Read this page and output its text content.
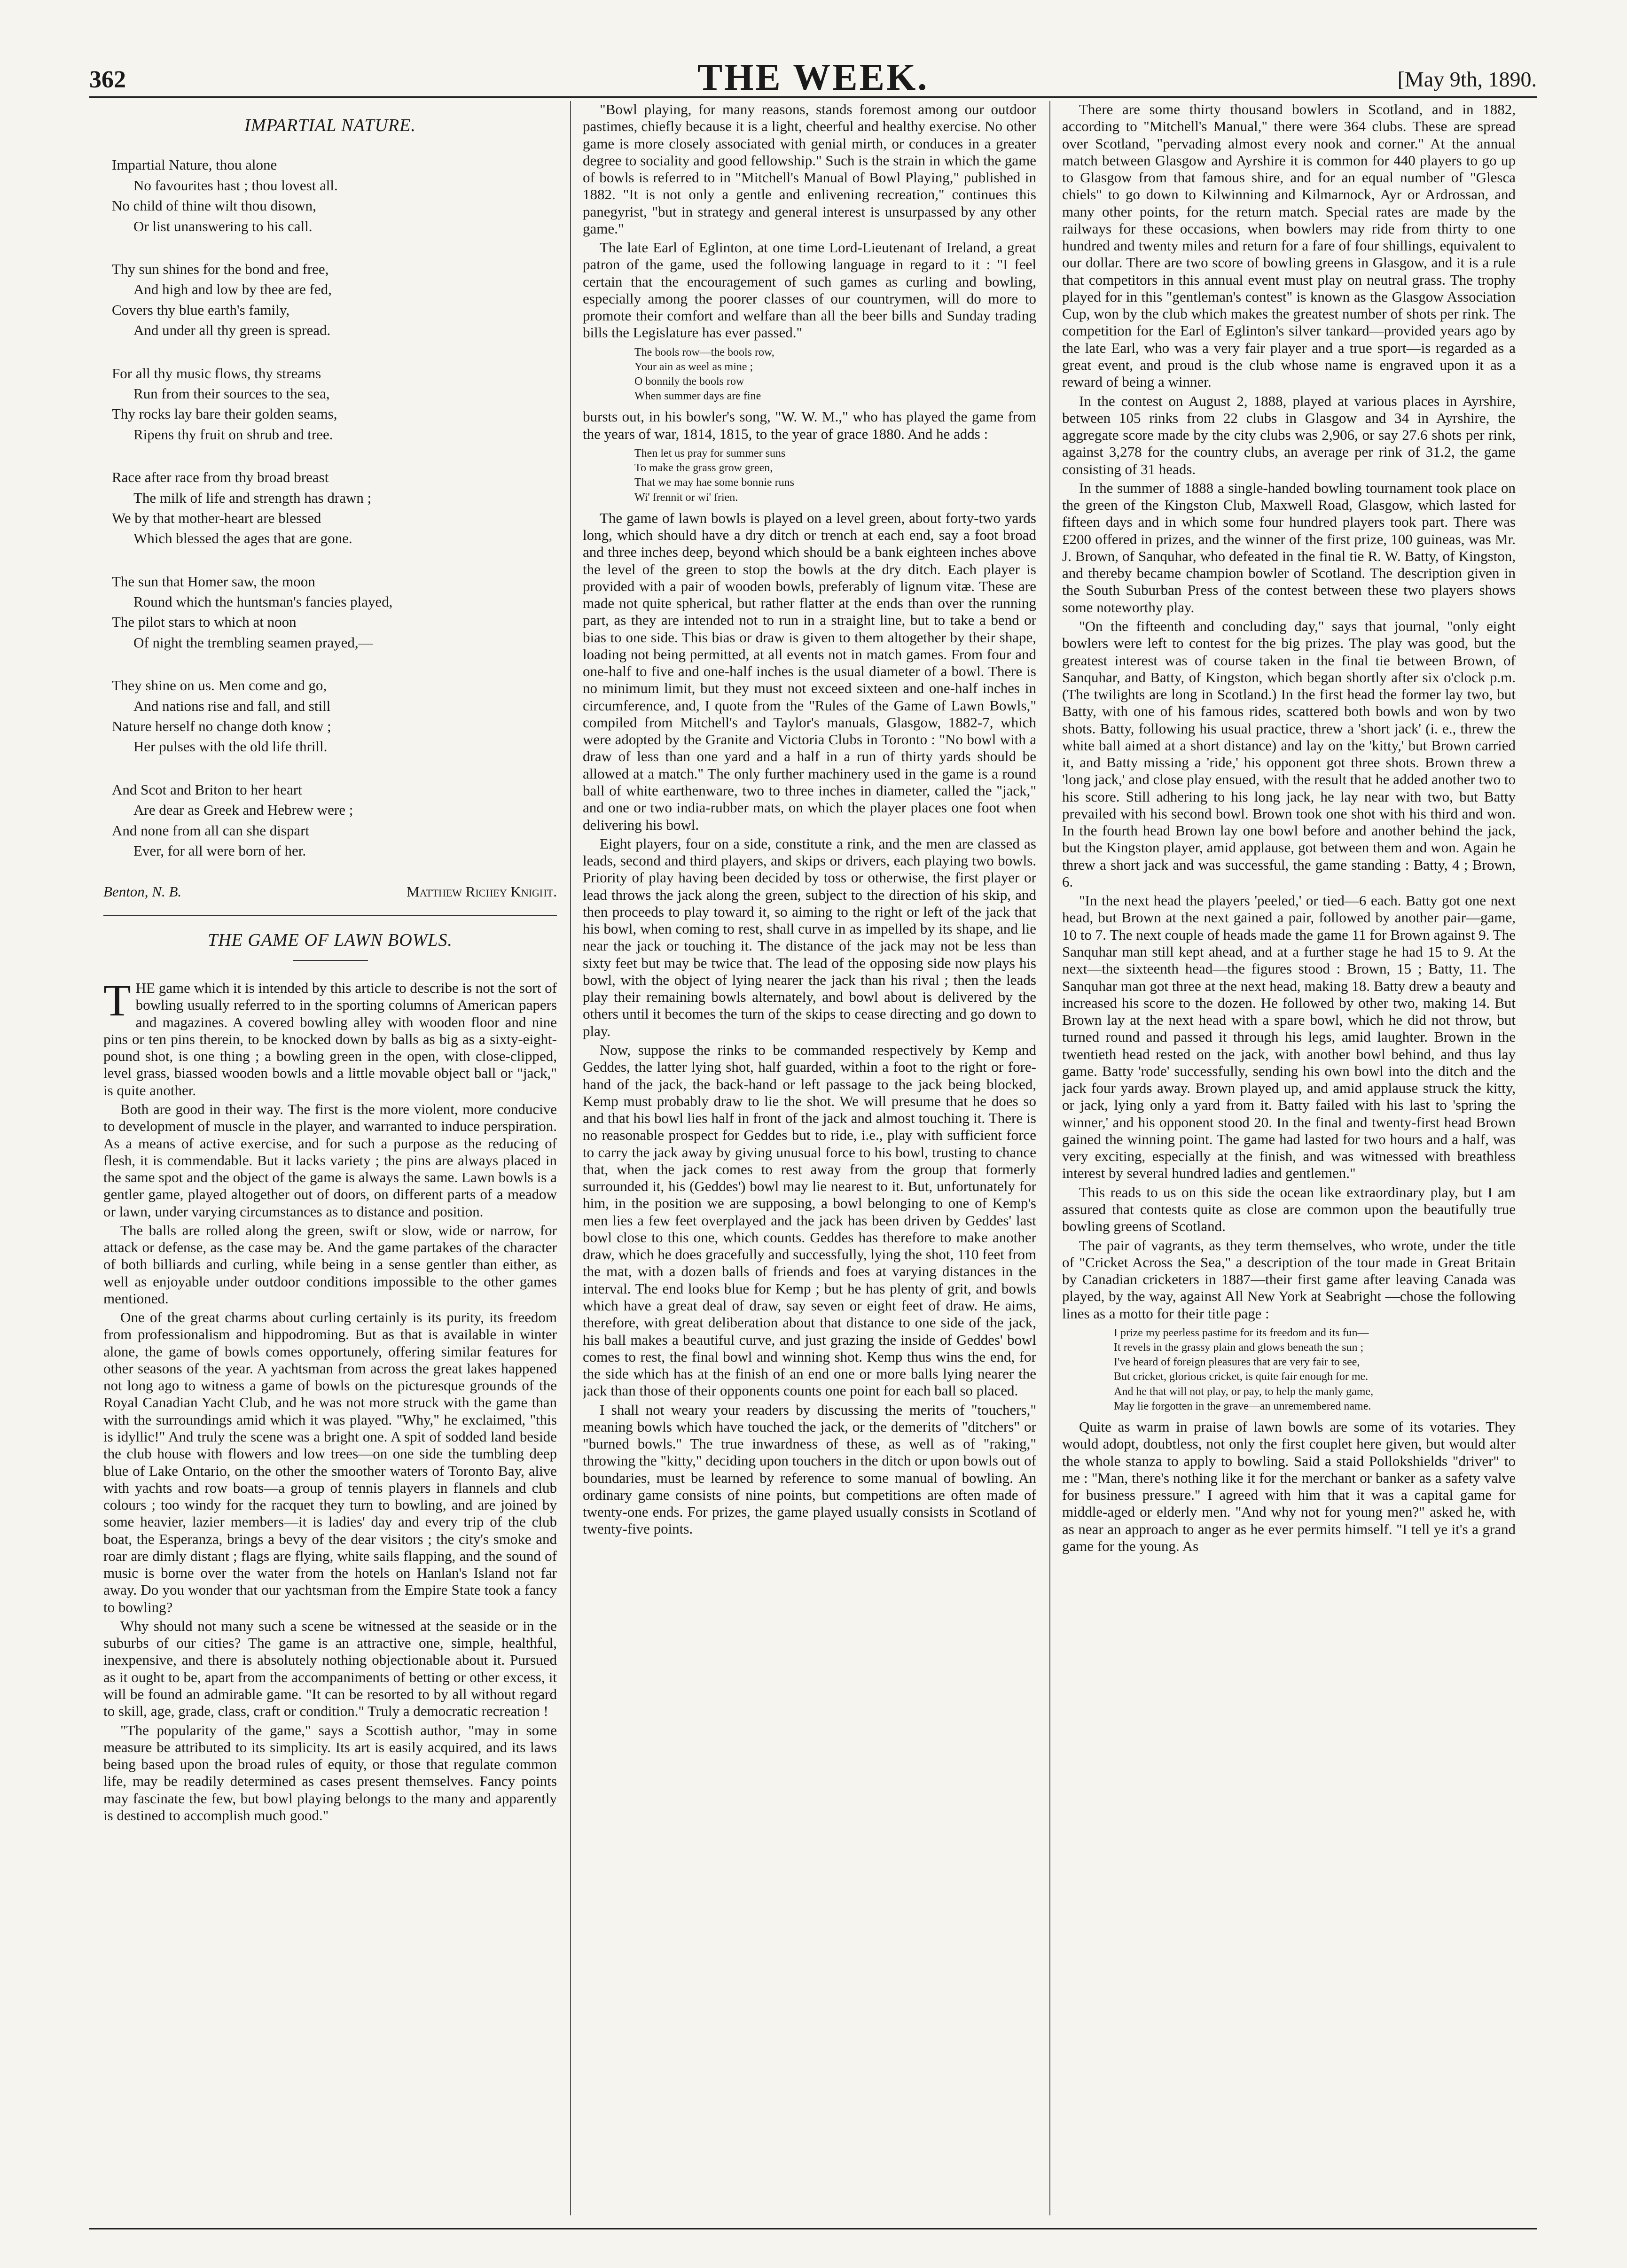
362	THE WEEK.	[May 9th, 1890.
IMPARTIAL NATURE.

Impartial Nature, thou alone
No favourites hast ; thou lovest all.
No child of thine wilt thou disown,
Or list unanswering to his call.

Thy sun shines for the bond and free,
And high and low by thee are fed,
Covers thy blue earth's family,
And under all thy green is spread.

For all thy music flows, thy streams
Run from their sources to the sea,
Thy rocks lay bare their golden seams,
Ripens thy fruit on shrub and tree.

Race after race from thy broad breast
The milk of life and strength has drawn ;
We by that mother-heart are blessed
Which blessed the ages that are gone.

The sun that Homer saw, the moon
Round which the huntsman's fancies played,
The pilot stars to which at noon
Of night the trembling seamen prayed,—

They shine on us. Men come and go,
And nations rise and fall, and still
Nature herself no change doth know ;
Her pulses with the old life thrill.

And Scot and Briton to her heart
Are dear as Greek and Hebrew were ;
And none from all can she dispart
Ever, for all were born of her.

Benton, N. B.	Matthew Richey Knight.
THE GAME OF LAWN BOWLS.

THE game which it is intended by this article to describe is not the sort of bowling usually referred to in the sporting columns of American papers and magazines. A covered bowling alley with wooden floor and nine pins or ten pins therein, to be knocked down by balls as big as a sixty-eight-pound shot, is one thing ; a bowling green in the open, with close-clipped, level grass, biassed wooden bowls and a little movable object ball or "jack," is quite another.

Both are good in their way. The first is the more violent, more conducive to development of muscle in the player, and warranted to induce perspiration. As a means of active exercise, and for such a purpose as the reducing of flesh, it is commendable. But it lacks variety ; the pins are always placed in the same spot and the object of the game is always the same. Lawn bowls is a gentler game, played altogether out of doors, on different parts of a meadow or lawn, under varying circumstances as to distance and position.

The balls are rolled along the green, swift or slow, wide or narrow, for attack or defense, as the case may be. And the game partakes of the character of both billiards and curling, while being in a sense gentler than either, as well as enjoyable under outdoor conditions impossible to the other games mentioned.

One of the great charms about curling certainly is its purity, its freedom from professionalism and hippodroming. But as that is available in winter alone, the game of bowls comes opportunely, offering similar features for other seasons of the year. A yachtsman from across the great lakes happened not long ago to witness a game of bowls on the picturesque grounds of the Royal Canadian Yacht Club, and he was not more struck with the game than with the surroundings amid which it was played. "Why," he exclaimed, "this is idyllic!" And truly the scene was a bright one. A spit of sodded land beside the club house with flowers and low trees—on one side the tumbling deep blue of Lake Ontario, on the other the smoother waters of Toronto Bay, alive with yachts and row boats—a group of tennis players in flannels and club colours ; too windy for the racquet they turn to bowling, and are joined by some heavier, lazier members—it is ladies' day and every trip of the club boat, the Esperanza, brings a bevy of the dear visitors ; the city's smoke and roar are dimly distant ; flags are flying, white sails flapping, and the sound of music is borne over the water from the hotels on Hanlan's Island not far away. Do you wonder that our yachtsman from the Empire State took a fancy to bowling?

Why should not many such a scene be witnessed at the seaside or in the suburbs of our cities? The game is an attractive one, simple, healthful, inexpensive, and there is absolutely nothing objectionable about it. Pursued as it ought to be, apart from the accompaniments of betting or other excess, it will be found an admirable game. "It can be resorted to by all without regard to skill, age, grade, class, craft or condition." Truly a democratic recreation !

"The popularity of the game," says a Scottish author, "may in some measure be attributed to its simplicity. Its art is easily acquired, and its laws being based upon the broad rules of equity, or those that regulate common life, may be readily determined as cases present themselves. Fancy points may fascinate the few, but bowl playing belongs to the many and apparently is destined to accomplish much good."

"Bowl playing, for many reasons, stands foremost among our outdoor pastimes, chiefly because it is a light, cheerful and healthy exercise. No other game is more closely associated with genial mirth, or conduces in a greater degree to sociality and good fellowship." Such is the strain in which the game of bowls is referred to in "Mitchell's Manual of Bowl Playing," published in 1882. "It is not only a gentle and enlivening recreation," continues this panegyrist, "but in strategy and general interest is unsurpassed by any other game."

The late Earl of Eglinton, at one time Lord-Lieutenant of Ireland, a great patron of the game, used the following language in regard to it : "I feel certain that the encouragement of such games as curling and bowling, especially among the poorer classes of our countrymen, will do more to promote their comfort and welfare than all the beer bills and Sunday trading bills the Legislature has ever passed."

The bools row—the bools row,
Your ain as weel as mine ;
O bonnily the bools row
When summer days are fine

bursts out, in his bowler's song, "W. W. M.," who has played the game from the years of war, 1814, 1815, to the year of grace 1880. And he adds :

Then let us pray for summer suns
To make the grass grow green,
That we may hae some bonnie runs
Wi' frennit or wi' frien.

The game of lawn bowls is played on a level green, about forty-two yards long, which should have a dry ditch or trench at each end, say a foot broad and three inches deep, beyond which should be a bank eighteen inches above the level of the green to stop the bowls at the dry ditch. Each player is provided with a pair of wooden bowls, preferably of lignum vitæ. These are made not quite spherical, but rather flatter at the ends than over the running part, as they are intended not to run in a straight line, but to take a bend or bias to one side. This bias or draw is given to them altogether by their shape, loading not being permitted, at all events not in match games. From four and one-half to five and one-half inches is the usual diameter of a bowl. There is no minimum limit, but they must not exceed sixteen and one-half inches in circumference, and, I quote from the "Rules of the Game of Lawn Bowls," compiled from Mitchell's and Taylor's manuals, Glasgow, 1882-7, which were adopted by the Granite and Victoria Clubs in Toronto : "No bowl with a draw of less than one yard and a half in a run of thirty yards should be allowed at a match." The only further machinery used in the game is a round ball of white earthenware, two to three inches in diameter, called the "jack," and one or two india-rubber mats, on which the player places one foot when delivering his bowl.

Eight players, four on a side, constitute a rink, and the men are classed as leads, second and third players, and skips or drivers, each playing two bowls. Priority of play having been decided by toss or otherwise, the first player or lead throws the jack along the green, subject to the direction of his skip, and then proceeds to play toward it, so aiming to the right or left of the jack that his bowl, when coming to rest, shall curve in as impelled by its shape, and lie near the jack or touching it. The distance of the jack may not be less than sixty feet but may be twice that. The lead of the opposing side now plays his bowl, with the object of lying nearer the jack than his rival ; then the leads play their remaining bowls alternately, and bowl about is delivered by the others until it becomes the turn of the skips to cease directing and go down to play.

Now, suppose the rinks to be commanded respectively by Kemp and Geddes, the latter lying shot, half guarded, within a foot to the right or fore-hand of the jack, the back-hand or left passage to the jack being blocked, Kemp must probably draw to lie the shot. We will presume that he does so and that his bowl lies half in front of the jack and almost touching it. There is no reasonable prospect for Geddes but to ride, i.e., play with sufficient force to carry the jack away by giving unusual force to his bowl, trusting to chance that, when the jack comes to rest away from the group that formerly surrounded it, his (Geddes') bowl may lie nearest to it. But, unfortunately for him, in the position we are supposing, a bowl belonging to one of Kemp's men lies a few feet overplayed and the jack has been driven by Geddes' last bowl close to this one, which counts. Geddes has therefore to make another draw, which he does gracefully and successfully, lying the shot, 110 feet from the mat, with a dozen balls of friends and foes at varying distances in the interval. The end looks blue for Kemp ; but he has plenty of grit, and bowls which have a great deal of draw, say seven or eight feet of draw. He aims, therefore, with great deliberation about that distance to one side of the jack, his ball makes a beautiful curve, and just grazing the inside of Geddes' bowl comes to rest, the final bowl and winning shot. Kemp thus wins the end, for the side which has at the finish of an end one or more balls lying nearer the jack than those of their opponents counts one point for each ball so placed.

I shall not weary your readers by discussing the merits of "touchers," meaning bowls which have touched the jack, or the demerits of "ditchers" or "burned bowls." The true inwardness of these, as well as of "raking," throwing the "kitty," deciding upon touchers in the ditch or upon bowls out of boundaries, must be learned by reference to some manual of bowling. An ordinary game consists of nine points, but competitions are often made of twenty-one ends. For prizes, the game played usually consists in Scotland of twenty-five points.

There are some thirty thousand bowlers in Scotland, and in 1882, according to "Mitchell's Manual," there were 364 clubs. These are spread over Scotland, "pervading almost every nook and corner." At the annual match between Glasgow and Ayrshire it is common for 440 players to go up to Glasgow from that famous shire, and for an equal number of "Glesca chiels" to go down to Kilwinning and Kilmarnock, Ayr or Ardrossan, and many other points, for the return match. Special rates are made by the railways for these occasions, when bowlers may ride from thirty to one hundred and twenty miles and return for a fare of four shillings, equivalent to our dollar. There are two score of bowling greens in Glasgow, and it is a rule that competitors in this annual event must play on neutral grass. The trophy played for in this "gentleman's contest" is known as the Glasgow Association Cup, won by the club which makes the greatest number of shots per rink. The competition for the Earl of Eglinton's silver tankard—provided years ago by the late Earl, who was a very fair player and a true sport—is regarded as a great event, and proud is the club whose name is engraved upon it as a reward of being a winner.

In the contest on August 2, 1888, played at various places in Ayrshire, between 105 rinks from 22 clubs in Glasgow and 34 in Ayrshire, the aggregate score made by the city clubs was 2,906, or say 27.6 shots per rink, against 3,278 for the country clubs, an average per rink of 31.2, the game consisting of 31 heads.

In the summer of 1888 a single-handed bowling tournament took place on the green of the Kingston Club, Maxwell Road, Glasgow, which lasted for fifteen days and in which some four hundred players took part. There was £200 offered in prizes, and the winner of the first prize, 100 guineas, was Mr. J. Brown, of Sanquhar, who defeated in the final tie R. W. Batty, of Kingston, and thereby became champion bowler of Scotland. The description given in the South Suburban Press of the contest between these two players shows some noteworthy play.

"On the fifteenth and concluding day," says that journal, "only eight bowlers were left to contest for the big prizes. The play was good, but the greatest interest was of course taken in the final tie between Brown, of Sanquhar, and Batty, of Kingston, which began shortly after six o'clock p.m. (The twilights are long in Scotland.) In the first head the former lay two, but Batty, with one of his famous rides, scattered both bowls and won by two shots. Batty, following his usual practice, threw a 'short jack' (i. e., threw the white ball aimed at a short distance) and lay on the 'kitty,' but Brown carried it, and Batty missing a 'ride,' his opponent got three shots. Brown threw a 'long jack,' and close play ensued, with the result that he added another two to his score. Still adhering to his long jack, he lay near with two, but Batty prevailed with his second bowl. Brown took one shot with his third and won. In the fourth head Brown lay one bowl before and another behind the jack, but the Kingston player, amid applause, got between them and won. Again he threw a short jack and was successful, the game standing : Batty, 4 ; Brown, 6.

"In the next head the players 'peeled,' or tied—6 each. Batty got one next head, but Brown at the next gained a pair, followed by another pair—game, 10 to 7. The next couple of heads made the game 11 for Brown against 9. The Sanquhar man still kept ahead, and at a further stage he had 15 to 9. At the next—the sixteenth head—the figures stood : Brown, 15 ; Batty, 11. The Sanquhar man got three at the next head, making 18. Batty drew a beauty and increased his score to the dozen. He followed by other two, making 14. But Brown lay at the next head with a spare bowl, which he did not throw, but turned round and passed it through his legs, amid laughter. Brown in the twentieth head rested on the jack, with another bowl behind, and thus lay game. Batty 'rode' successfully, sending his own bowl into the ditch and the jack four yards away. Brown played up, and amid applause struck the kitty, or jack, lying only a yard from it. Batty failed with his last to 'spring the winner,' and his opponent stood 20. In the final and twenty-first head Brown gained the winning point. The game had lasted for two hours and a half, was very exciting, especially at the finish, and was witnessed with breathless interest by several hundred ladies and gentlemen."

This reads to us on this side the ocean like extraordinary play, but I am assured that contests quite as close are common upon the beautifully true bowling greens of Scotland.

The pair of vagrants, as they term themselves, who wrote, under the title of "Cricket Across the Sea," a description of the tour made in Great Britain by Canadian cricketers in 1887—their first game after leaving Canada was played, by the way, against All New York at Seabright —chose the following lines as a motto for their title page :

I prize my peerless pastime for its freedom and its fun—
It revels in the grassy plain and glows beneath the sun ;
I've heard of foreign pleasures that are very fair to see,
But cricket, glorious cricket, is quite fair enough for me.
And he that will not play, or pay, to help the manly game,
May lie forgotten in the grave—an unremembered name.

Quite as warm in praise of lawn bowls are some of its votaries. They would adopt, doubtless, not only the first couplet here given, but would alter the whole stanza to apply to bowling. Said a staid Pollokshields "driver" to me : "Man, there's nothing like it for the merchant or banker as a safety valve for business pressure." I agreed with him that it was a capital game for middle-aged or elderly men. "And why not for young men?" asked he, with as near an approach to anger as he ever permits himself. "I tell ye it's a grand game for the young. As
